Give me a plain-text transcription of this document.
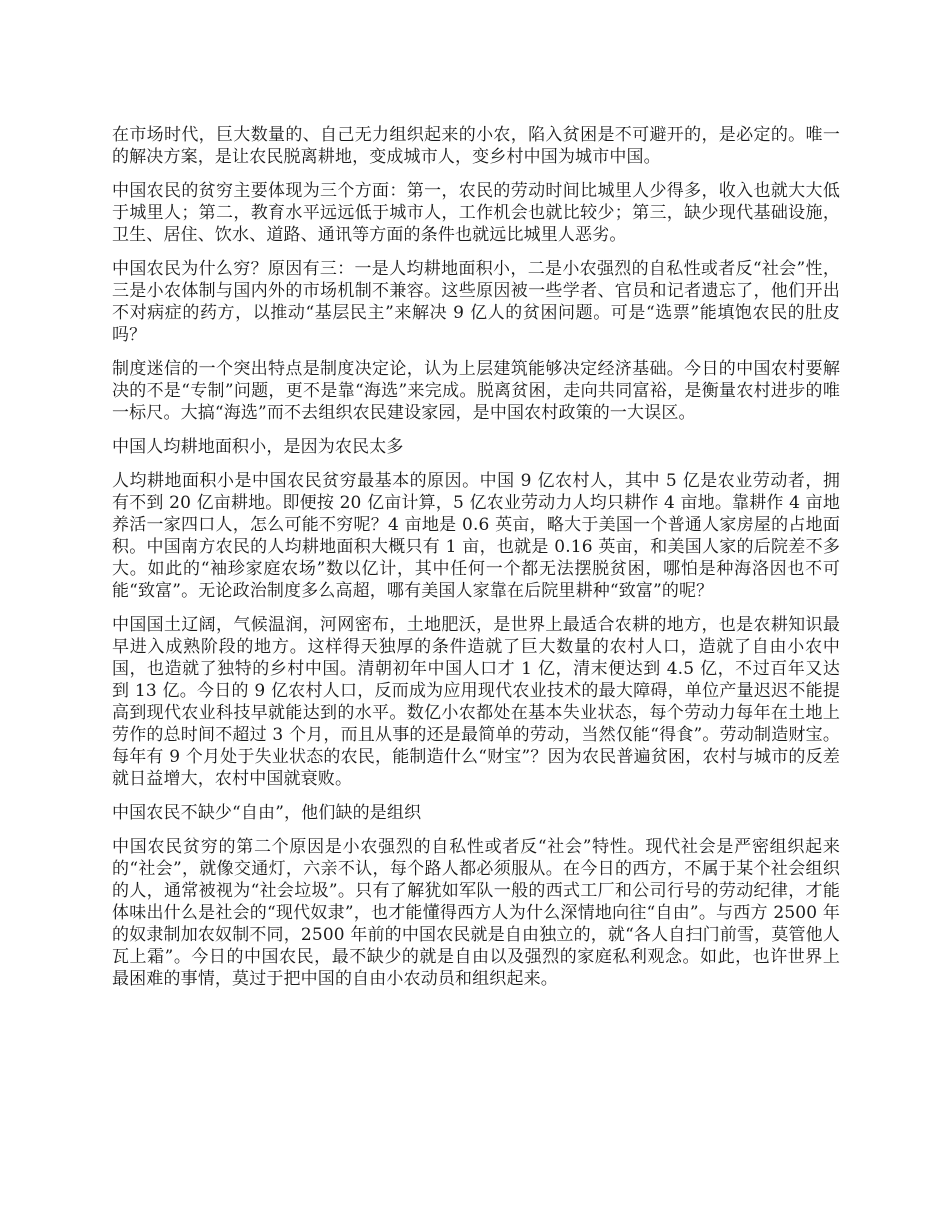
在市场时代，巨大数量的、自己无力组织起来的小农，陷入贫困是不可避开的，是必定的。唯一的解决方案，是让农民脱离耕地，变成城市人，变乡村中国为城市中国。

中国农民的贫穷主要体现为三个方面：第一，农民的劳动时间比城里人少得多，收入也就大大低于城里人；第二，教育水平远远低于城市人，工作机会也就比较少；第三，缺少现代基础设施，卫生、居住、饮水、道路、通讯等方面的条件也就远比城里人恶劣。

中国农民为什么穷？原因有三：一是人均耕地面积小，二是小农强烈的自私性或者反“社会”性，三是小农体制与国内外的市场机制不兼容。这些原因被一些学者、官员和记者遗忘了，他们开出不对病症的药方，以推动“基层民主”来解决 9 亿人的贫困问题。可是“选票”能填饱农民的肚皮吗？

制度迷信的一个突出特点是制度决定论，认为上层建筑能够决定经济基础。今日的中国农村要解决的不是“专制”问题，更不是靠“海选”来完成。脱离贫困，走向共同富裕，是衡量农村进步的唯一标尺。大搞“海选”而不去组织农民建设家园，是中国农村政策的一大误区。

中国人均耕地面积小，是因为农民太多

人均耕地面积小是中国农民贫穷最基本的原因。中国 9 亿农村人，其中 5 亿是农业劳动者，拥有不到 20 亿亩耕地。即便按 20 亿亩计算，5 亿农业劳动力人均只耕作 4 亩地。靠耕作 4 亩地养活一家四口人，怎么可能不穷呢？4 亩地是 0.6 英亩，略大于美国一个普通人家房屋的占地面积。中国南方农民的人均耕地面积大概只有 1 亩，也就是 0.16 英亩，和美国人家的后院差不多大。如此的“袖珍家庭农场”数以亿计，其中任何一个都无法摆脱贫困，哪怕是种海洛因也不可能“致富”。无论政治制度多么高超，哪有美国人家靠在后院里耕种“致富”的呢？

中国国土辽阔，气候温润，河网密布，土地肥沃，是世界上最适合农耕的地方，也是农耕知识最早进入成熟阶段的地方。这样得天独厚的条件造就了巨大数量的农村人口，造就了自由小农中国，也造就了独特的乡村中国。清朝初年中国人口才 1 亿，清末便达到 4.5 亿，不过百年又达到 13 亿。今日的 9 亿农村人口，反而成为应用现代农业技术的最大障碍，单位产量迟迟不能提高到现代农业科技早就能达到的水平。数亿小农都处在基本失业状态，每个劳动力每年在土地上劳作的总时间不超过 3 个月，而且从事的还是最简单的劳动，当然仅能“得食”。劳动制造财宝。每年有 9 个月处于失业状态的农民，能制造什么“财宝”？因为农民普遍贫困，农村与城市的反差就日益增大，农村中国就衰败。

中国农民不缺少“自由”，他们缺的是组织

中国农民贫穷的第二个原因是小农强烈的自私性或者反“社会”特性。现代社会是严密组织起来的“社会”，就像交通灯，六亲不认，每个路人都必须服从。在今日的西方，不属于某个社会组织的人，通常被视为“社会垃圾”。只有了解犹如军队一般的西式工厂和公司行号的劳动纪律，才能体味出什么是社会的“现代奴隶”，也才能懂得西方人为什么深情地向往“自由”。与西方 2500 年的奴隶制加农奴制不同，2500 年前的中国农民就是自由独立的，就“各人自扫门前雪，莫管他人瓦上霜”。今日的中国农民，最不缺少的就是自由以及强烈的家庭私利观念。如此，也许世界上最困难的事情，莫过于把中国的自由小农动员和组织起来。
